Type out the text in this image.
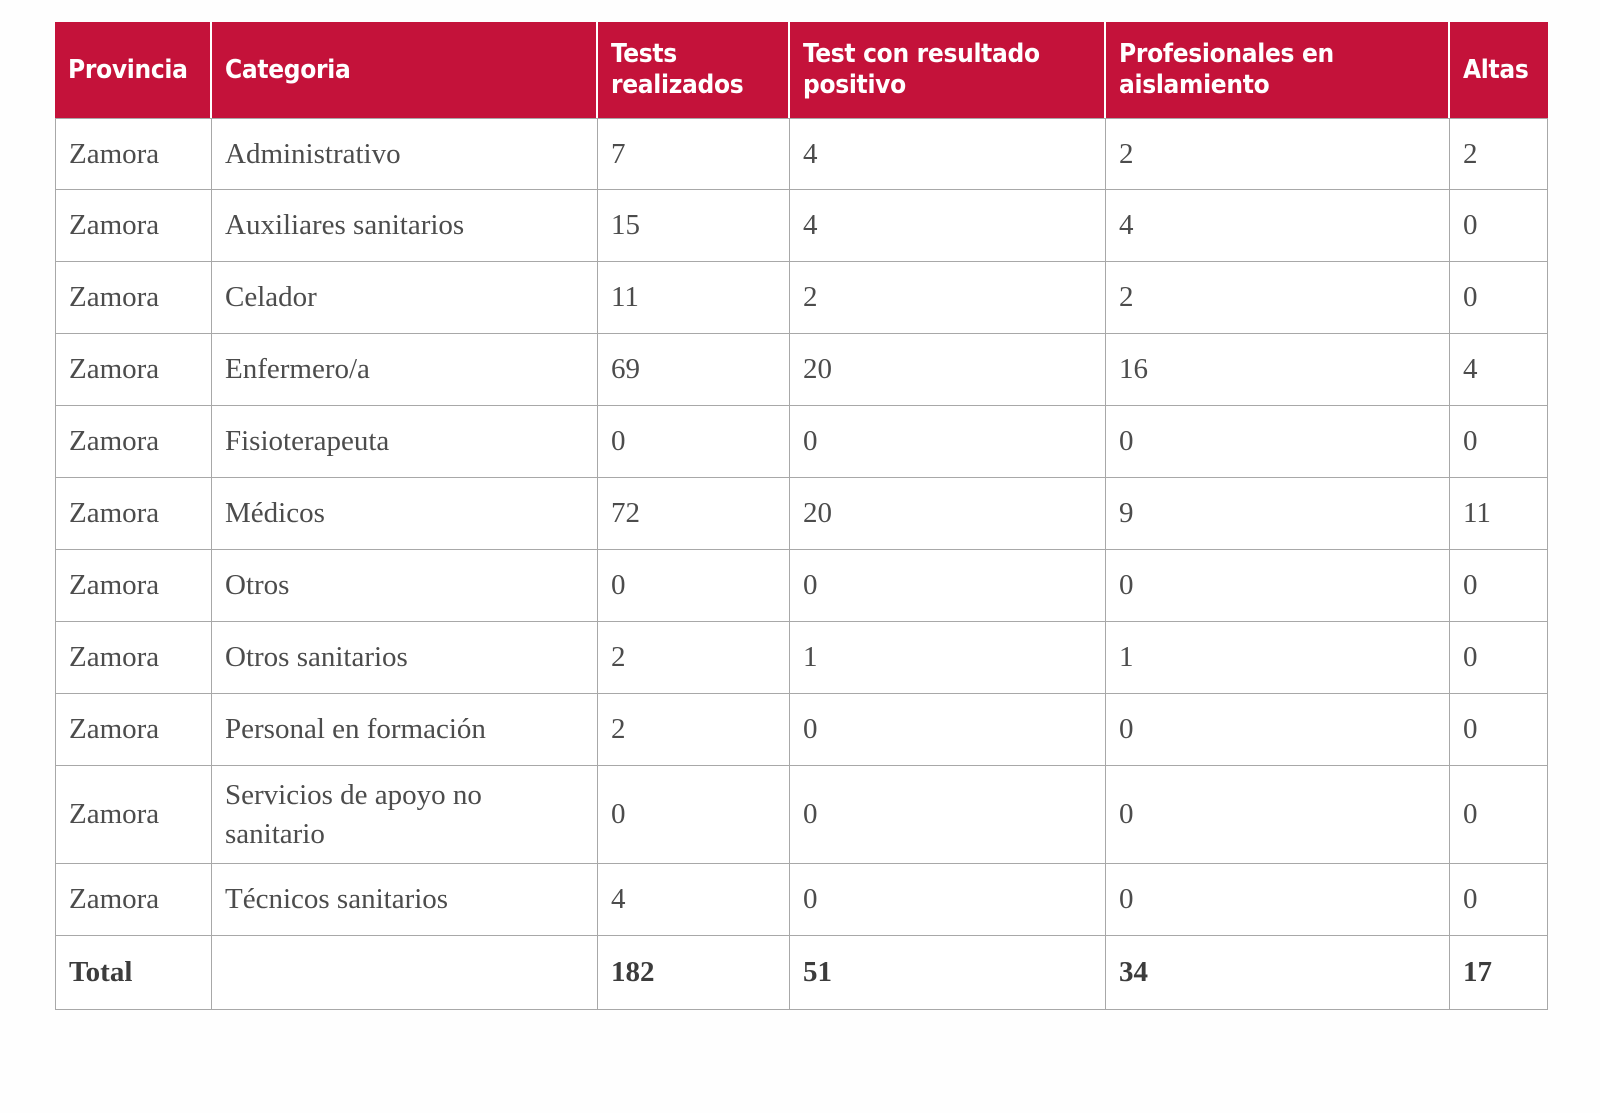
Provincia	Categoria	Tests realizados	Test con resultado positivo	Profesionales en aislamiento	Altas

Zamora	Administrativo	7	4	2	2

Zamora	Auxiliares sanitarios	15	4	4	0

Zamora	Celador	11	2	2	0

Zamora	Enfermero/a	69	20	16	4

Zamora	Fisioterapeuta	0	0	0	0

Zamora	Médicos	72	20	9	11

Zamora	Otros	0	0	0	0

Zamora	Otros sanitarios	2	1	1	0

Zamora	Personal en formación	2	0	0	0

Zamora	Servicios de apoyo no sanitario	0	0	0	0

Zamora	Técnicos sanitarios	4	0	0	0

Total		182	51	34	17
